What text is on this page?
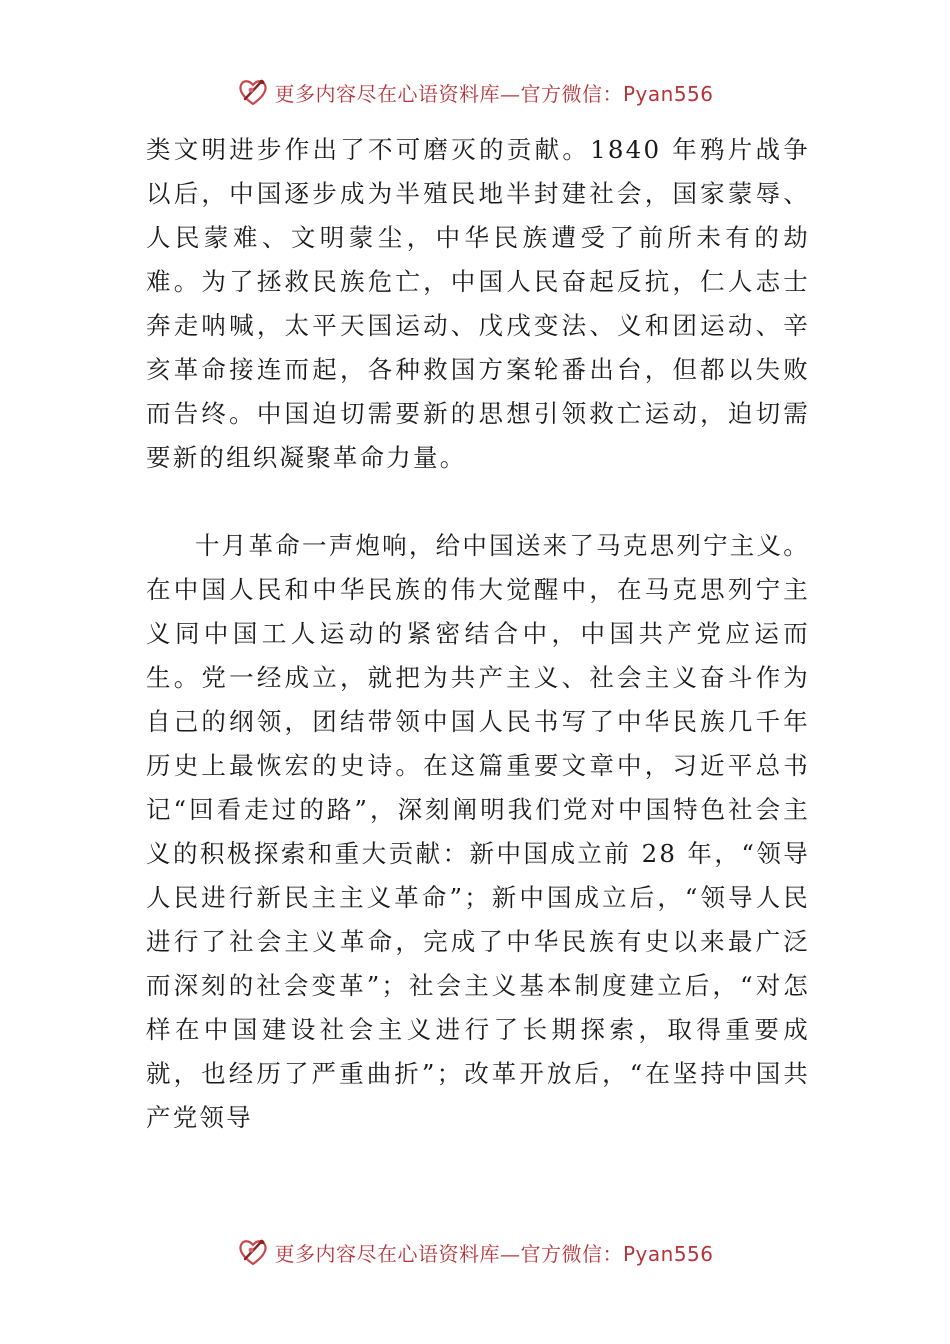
更多内容尽在心语资料库—官方微信：Pyan556

类文明进步作出了不可磨灭的贡献。1840 年鸦片战争以后，中国逐步成为半殖民地半封建社会，国家蒙辱、人民蒙难、文明蒙尘，中华民族遭受了前所未有的劫难。为了拯救民族危亡，中国人民奋起反抗，仁人志士奔走呐喊，太平天国运动、戊戌变法、义和团运动、辛亥革命接连而起，各种救国方案轮番出台，但都以失败而告终。中国迫切需要新的思想引领救亡运动，迫切需要新的组织凝聚革命力量。

十月革命一声炮响，给中国送来了马克思列宁主义。在中国人民和中华民族的伟大觉醒中，在马克思列宁主义同中国工人运动的紧密结合中，中国共产党应运而生。党一经成立，就把为共产主义、社会主义奋斗作为自己的纲领，团结带领中国人民书写了中华民族几千年历史上最恢宏的史诗。在这篇重要文章中，习近平总书记“回看走过的路”，深刻阐明我们党对中国特色社会主义的积极探索和重大贡献：新中国成立前 28 年，“领导人民进行新民主主义革命”；新中国成立后，“领导人民进行了社会主义革命，完成了中华民族有史以来最广泛而深刻的社会变革”；社会主义基本制度建立后，“对怎样在中国建设社会主义进行了长期探索，取得重要成就，也经历了严重曲折”；改革开放后，“在坚持中国共产党领导

更多内容尽在心语资料库—官方微信：Pyan556
